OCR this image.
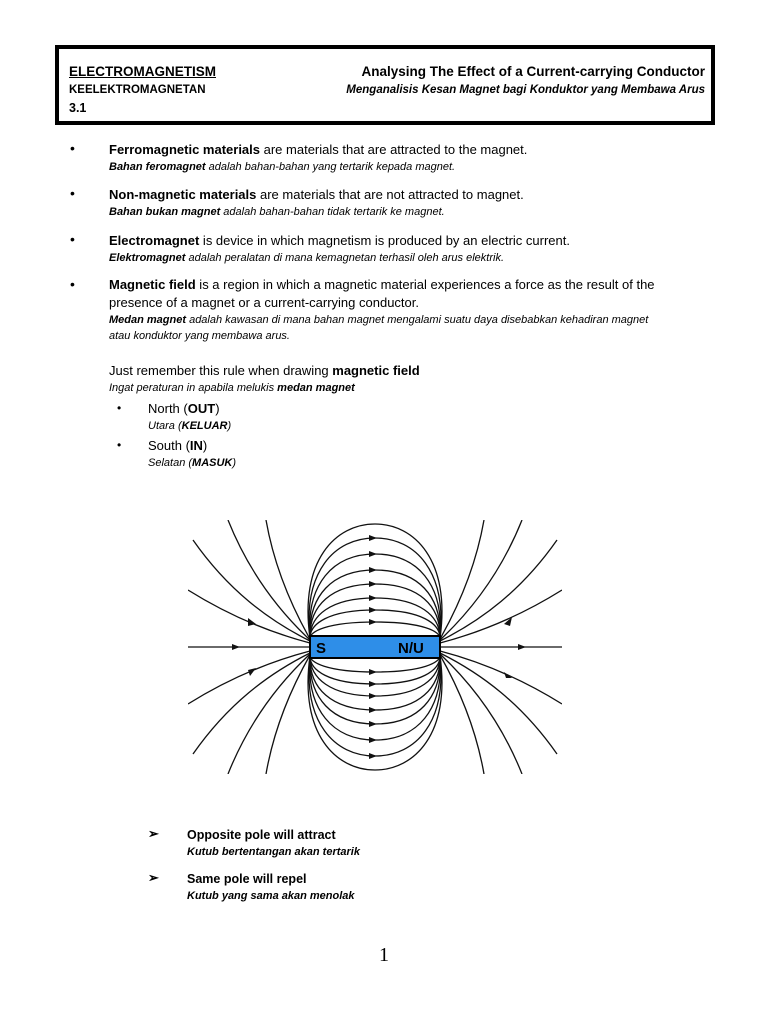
ELECTROMAGNETISM
KEELEKTROMAGNETAN
3.1
Analysing The Effect of a Current-carrying Conductor
Menganalisis Kesan Magnet bagi Konduktor yang Membawa Arus
•	Ferromagnetic materials are materials that are attracted to the magnet.
Bahan feromagnet adalah bahan-bahan yang tertarik kepada magnet.
•	Non-magnetic materials are materials that are not attracted to magnet.
Bahan bukan magnet adalah bahan-bahan tidak tertarik ke magnet.
•	Electromagnet is device in which magnetism is produced by an electric current.
Elektromagnet adalah peralatan di mana kemagnetan terhasil oleh arus elektrik.
•	Magnetic field is a region in which a magnetic material experiences a force as the result of the presence of a magnet or a current-carrying conductor.
Medan magnet adalah kawasan di mana bahan magnet mengalami suatu daya disebabkan kehadiran magnet atau konduktor yang membawa arus.
Just remember this rule when drawing magnetic field
Ingat peraturan in apabila melukis medan magnet
• North (OUT)
Utara (KELUAR)
• South (IN)
Selatan (MASUK)
S	N/U
➢ Opposite pole will attract
Kutub bertentangan akan tertarik
➢ Same pole will repel
Kutub yang sama akan menolak
1
